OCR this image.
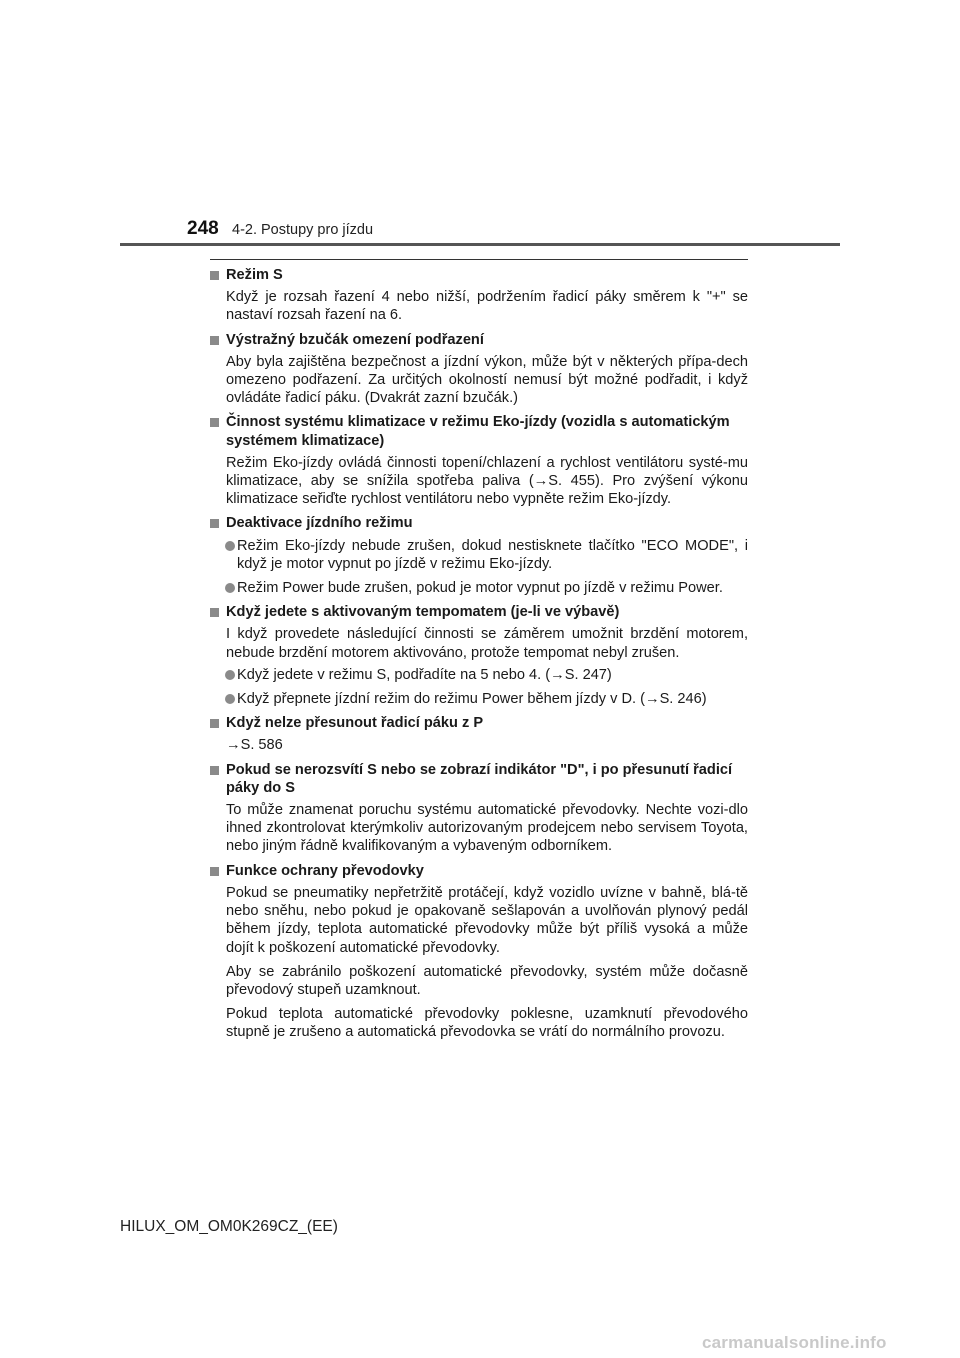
248 4-2. Postupy pro jízdu
Režim S
Když je rozsah řazení 4 nebo nižší, podržením řadicí páky směrem k "+" se nastaví rozsah řazení na 6.
Výstražný bzučák omezení podřazení
Aby byla zajištěna bezpečnost a jízdní výkon, může být v některých přípa-dech omezeno podřazení. Za určitých okolností nemusí být možné podřadit, i když ovládáte řadicí páku. (Dvakrát zazní bzučák.)
Činnost systému klimatizace v režimu Eko-jízdy (vozidla s automatickým systémem klimatizace)
Režim Eko-jízdy ovládá činnosti topení/chlazení a rychlost ventilátoru systé-mu klimatizace, aby se snížila spotřeba paliva (→S. 455). Pro zvýšení výkonu klimatizace seřiďte rychlost ventilátoru nebo vypněte režim Eko-jízdy.
Deaktivace jízdního režimu
Režim Eko-jízdy nebude zrušen, dokud nestisknete tlačítko "ECO MODE", i když je motor vypnut po jízdě v režimu Eko-jízdy.
Režim Power bude zrušen, pokud je motor vypnut po jízdě v režimu Power.
Když jedete s aktivovaným tempomatem (je-li ve výbavě)
I když provedete následující činnosti se záměrem umožnit brzdění motorem, nebude brzdění motorem aktivováno, protože tempomat nebyl zrušen.
Když jedete v režimu S, podřadíte na 5 nebo 4. (→S. 247)
Když přepnete jízdní režim do režimu Power během jízdy v D. (→S. 246)
Když nelze přesunout řadicí páku z P
→S. 586
Pokud se nerozsvítí S nebo se zobrazí indikátor "D", i po přesunutí řadicí páky do S
To může znamenat poruchu systému automatické převodovky. Nechte vozi-dlo ihned zkontrolovat kterýmkoliv autorizovaným prodejcem nebo servisem Toyota, nebo jiným řádně kvalifikovaným a vybaveným odborníkem.
Funkce ochrany převodovky
Pokud se pneumatiky nepřetržitě protáčejí, když vozidlo uvízne v bahně, blá-tě nebo sněhu, nebo pokud je opakovaně sešlapován a uvolňován plynový pedál během jízdy, teplota automatické převodovky může být příliš vysoká a může dojít k poškození automatické převodovky.
Aby se zabránilo poškození automatické převodovky, systém může dočasně převodový stupeň uzamknout.
Pokud teplota automatické převodovky poklesne, uzamknutí převodového stupně je zrušeno a automatická převodovka se vrátí do normálního provozu.
HILUX_OM_OM0K269CZ_(EE)
carmanualsonline.info
